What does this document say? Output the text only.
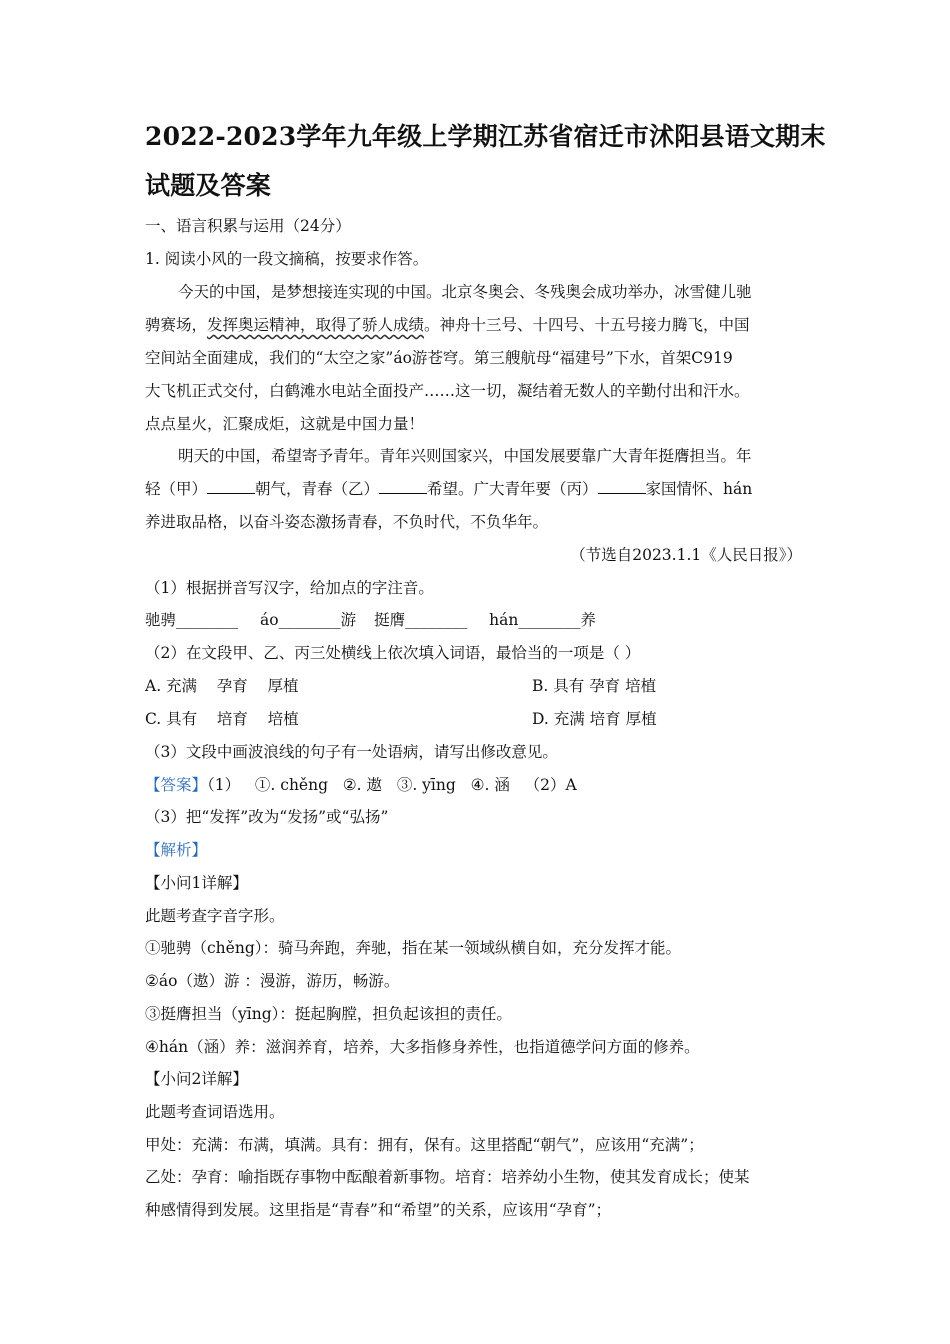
2022-2023学年九年级上学期江苏省宿迁市沭阳县语文期末
试题及答案
一、语言积累与运用（24分）
1. 阅读小风的一段文摘稿，按要求作答。
今天的中国，是梦想接连实现的中国。北京冬奥会、冬残奥会成功举办，冰雪健儿驰
骋赛场，发挥奥运精神，取得了骄人成绩。神舟十三号、十四号、十五号接力腾飞，中国
空间站全面建成，我们的“太空之家”áo游苍穹。第三艘航母“福建号”下水，首架C919
大飞机正式交付，白鹤滩水电站全面投产……这一切，凝结着无数人的辛勤付出和汗水。
点点星火，汇聚成炬，这就是中国力量！
明天的中国，希望寄予青年。青年兴则国家兴，中国发展要靠广大青年挺膺担当。年
轻（甲）	朝气，青春（乙）	希望。广大青年要（丙）	家国情怀、hán
养进取品格，以奋斗姿态激扬青春，不负时代，不负华年。
（节选自2023.1.1《人民日报》）
（1）根据拼音写汉字，给加点的字注音。
驰骋________ áo________游 挺膺________ hán________养
（2）在文段甲、乙、丙三处横线上依次填入词语，最恰当的一项是（ ）
A. 充满    孕育    厚植	B. 具有 孕育 培植
C. 具有    培育    培植	D. 充满 培育 厚植
（3）文段中画波浪线的句子有一处语病，请写出修改意见。
【答案】（1）   ①. chěng   ②. 遨   ③. yīng   ④. 涵   （2）A
（3）把“发挥”改为“发扬”或“弘扬”
【解析】
【小问1详解】
此题考查字音字形。
①驰骋（chěng）：骑马奔跑，奔驰，指在某一领域纵横自如，充分发挥才能。
②áo（遨）游 ：漫游，游历，畅游。
③挺膺担当（yīng）：挺起胸膛，担负起该担的责任。
④hán（涵）养：滋润养育，培养，大多指修身养性，也指道德学问方面的修养。
【小问2详解】
此题考查词语选用。
甲处：充满：布满，填满。具有：拥有，保有。这里搭配“朝气”，应该用“充满”；
乙处：孕育：喻指既存事物中酝酿着新事物。培育：培养幼小生物，使其发育成长；使某
种感情得到发展。这里指是“青春”和“希望”的关系，应该用“孕育”；
